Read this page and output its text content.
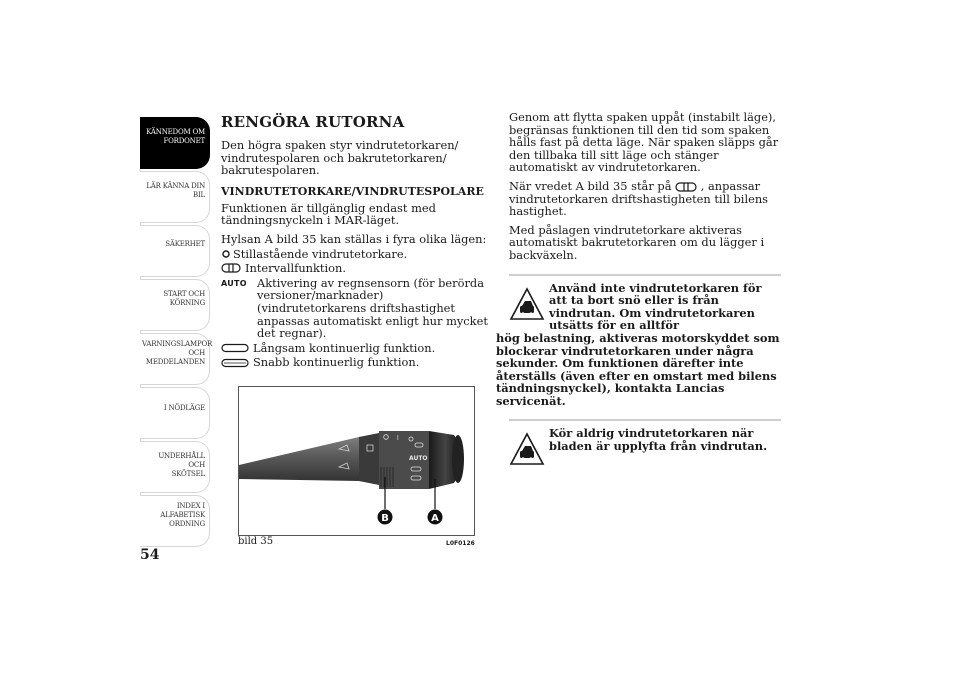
KÄNNEDOM OM
FORDONET
LÄR KÄNNA DIN
BIL
SÄKERHET
START OCH
KÖRNING
VARNINGSLAMPOR
OCH
MEDDELANDEN
I NÖDLÄGE
UNDERHÅLL OCH
SKÖTSEL
INDEX I
ALFABETISK
ORDNING
54
RENGÖRA RUTORNA

Den högra spaken styr vindrutetorkaren/ vindrutespolaren och bakrutetorkaren/ bakrutespolaren.

VINDRUTETORKARE/VINDRUTESPOLARE

Funktionen är tillgänglig endast med tändningsnyckeln i MAR-läget.

Hylsan A bild 35 kan ställas i fyra olika lägen:

Stillastående vindrutetorkare.
Intervallfunktion.
AUTO Aktivering av regnsensorn (för berörda versioner/marknader) (vindrutetorkarens driftshastighet anpassas automatiskt enligt hur mycket det regnar).
Långsam kontinuerlig funktion.
Snabb kontinuerlig funktion.
l
AUTO
B	A
bild 35	L0F0126

Genom att flytta spaken uppåt (instabilt läge), begränsas funktionen till den tid som spaken hålls fast på detta läge. När spaken släpps går den tillbaka till sitt läge och stänger automatiskt av vindrutetorkaren.

När vredet A bild 35 står på	, anpassar vindrutetorkaren driftshastigheten till bilens hastighet.

Med påslagen vindrutetorkare aktiveras automatiskt bakrutetorkaren om du lägger i backväxeln.

Använd inte vindrutetorkaren för att ta bort snö eller is från vindrutan. Om vindrutetorkaren utsätts för en alltför
hög belastning, aktiveras motorskyddet som blockerar vindrutetorkaren under några sekunder. Om funktionen därefter inte återställs (även efter en omstart med bilens tändningsnyckel), kontakta Lancias servicenät.
Kör aldrig vindrutetorkaren när bladen är upplyfta från vindrutan.
